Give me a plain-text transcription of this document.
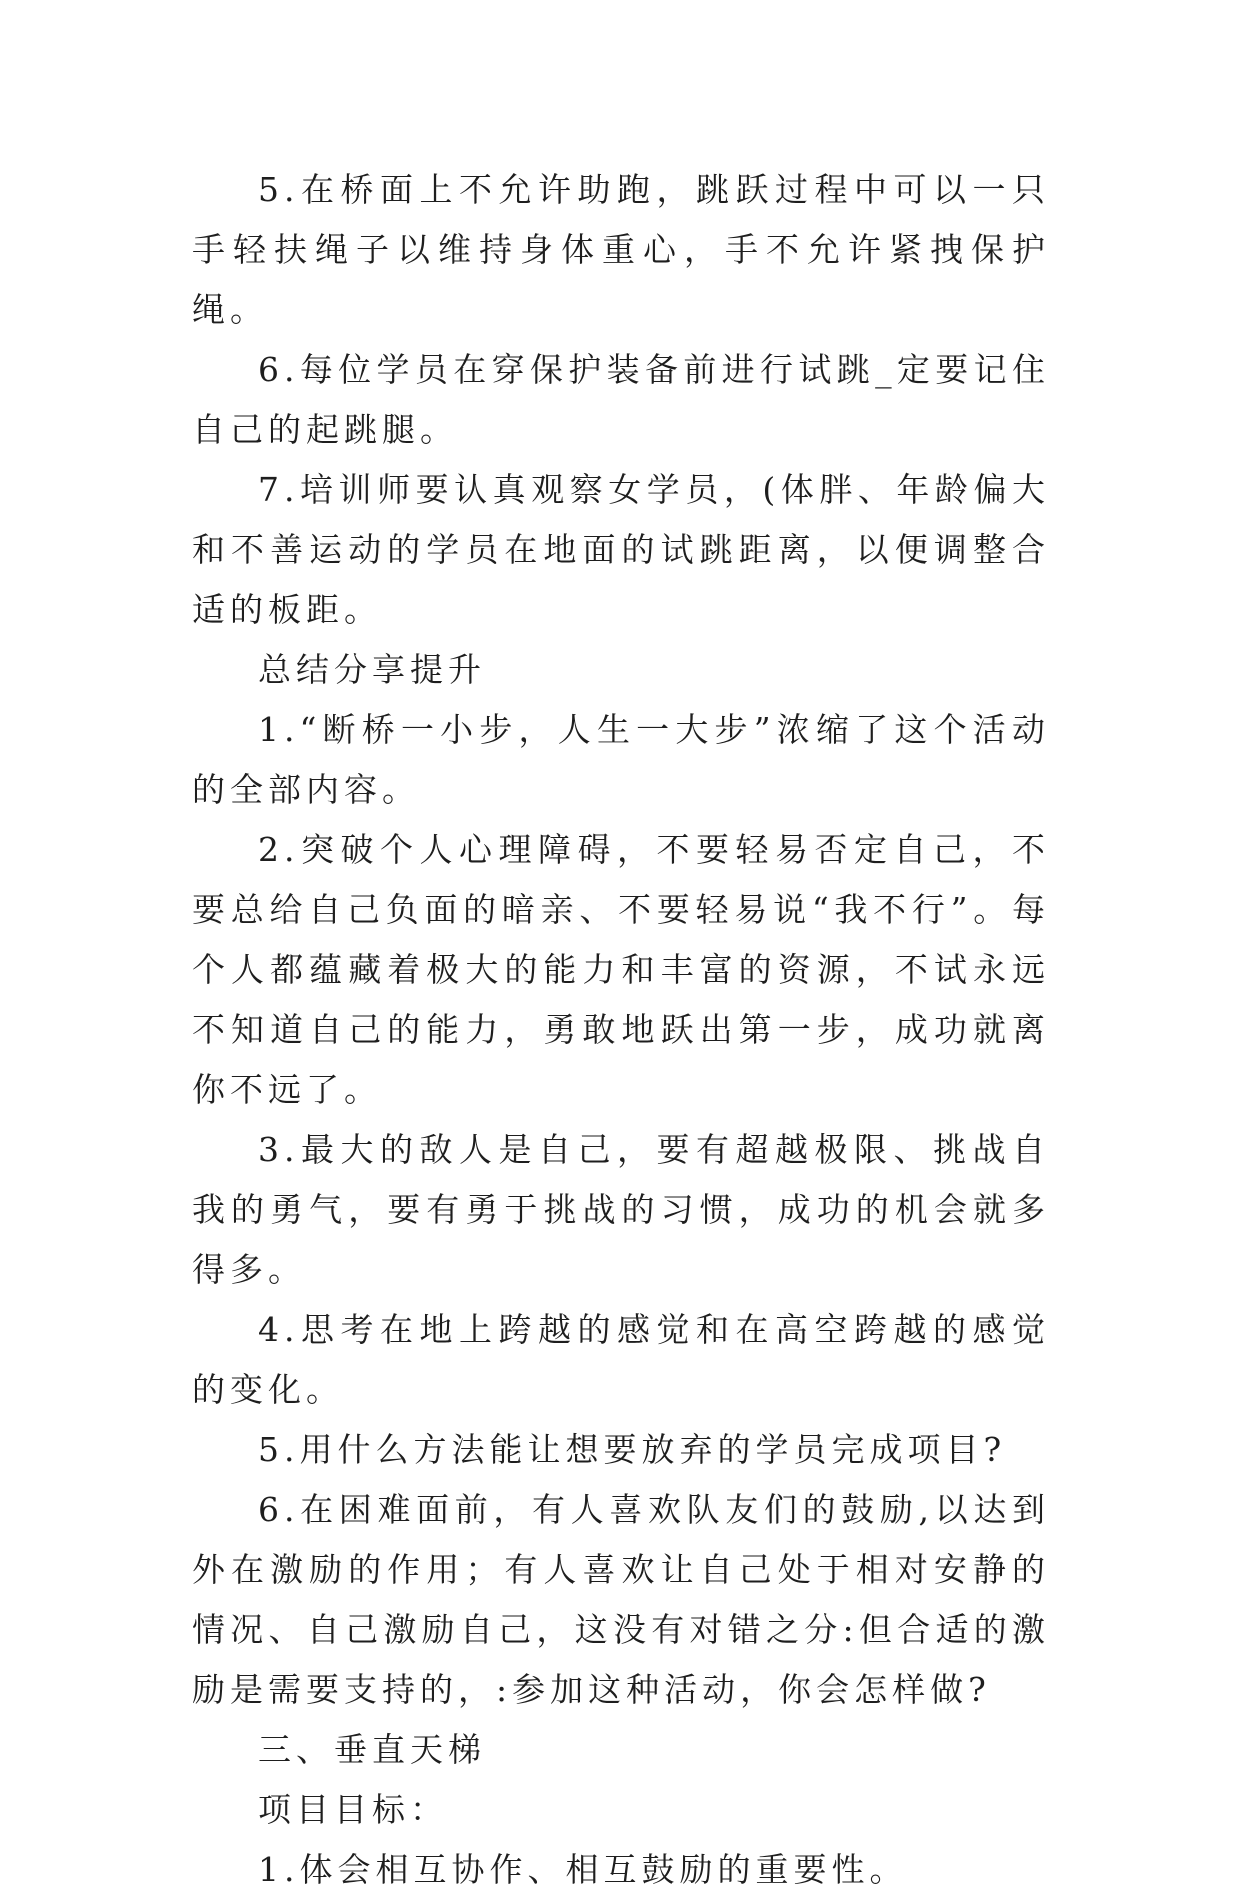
5.在桥面上不允许助跑，跳跃过程中可以一只手轻扶绳子以维持身体重心，手不允许紧拽保护绳。

6.每位学员在穿保护装备前进行试跳_定要记住自己的起跳腿。

7.培训师要认真观察女学员，(体胖、年龄偏大和不善运动的学员在地面的试跳距离，以便调整合适的板距。

总结分享提升

1.“断桥一小步，人生一大步”浓缩了这个活动的全部内容。

2.突破个人心理障碍，不要轻易否定自己，不要总给自己负面的暗亲、不要轻易说“我不行”。每个人都蕴藏着极大的能力和丰富的资源，不试永远不知道自己的能力，勇敢地跃出第一步，成功就离你不远了。

3.最大的敌人是自己，要有超越极限、挑战自我的勇气，要有勇于挑战的习惯，成功的机会就多得多。

4.思考在地上跨越的感觉和在高空跨越的感觉的变化。

5.用什么方法能让想要放弃的学员完成项目?

6.在困难面前，有人喜欢队友们的鼓励,以达到外在激励的作用；有人喜欢让自己处于相对安静的情况、自己激励自己，这没有对错之分:但合适的激励是需要支持的，:参加这种活动，你会怎样做?

三、垂直天梯

项目目标：

1.体会相互协作、相互鼓励的重要性。
